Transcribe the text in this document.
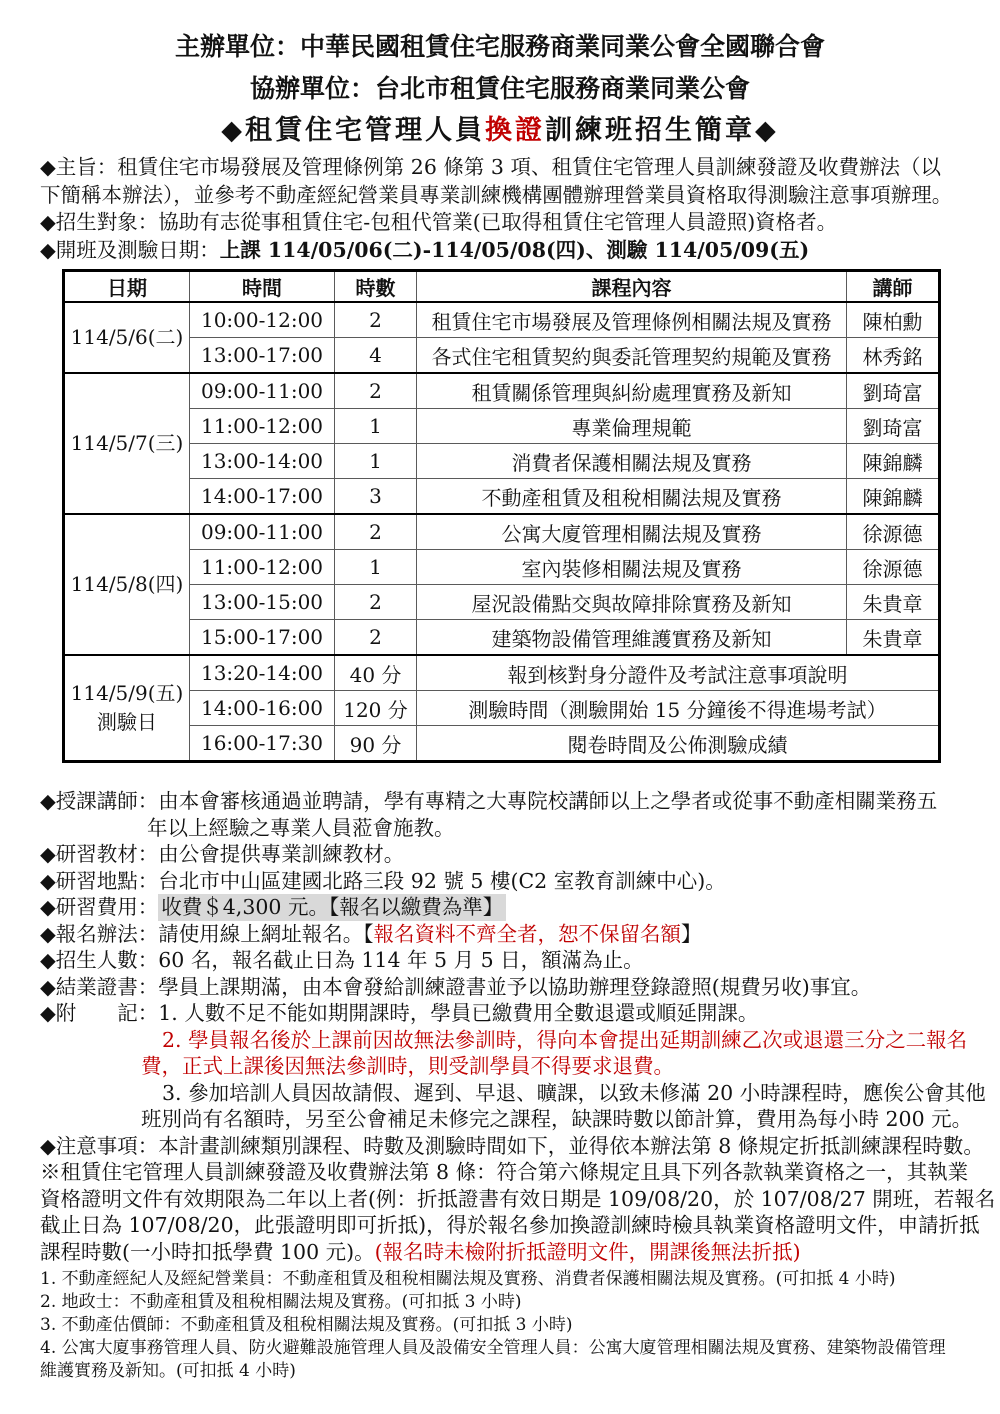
主辦單位：中華民國租賃住宅服務商業同業公會全國聯合會
協辦單位：台北市租賃住宅服務商業同業公會
◆租賃住宅管理人員換證訓練班招生簡章◆
◆主旨：租賃住宅市場發展及管理條例第 26 條第 3 項、租賃住宅管理人員訓練發證及收費辦法（以
下簡稱本辦法），並參考不動產經紀營業員專業訓練機構團體辦理營業員資格取得測驗注意事項辦理。
◆招生對象：協助有志從事租賃住宅-包租代管業(已取得租賃住宅管理人員證照)資格者。
◆開班及測驗日期：上課 114/05/06(二)-114/05/08(四)、測驗 114/05/09(五)
日期	時間	時數	課程內容	講師
114/5/6(二)	10:00-12:00	2	租賃住宅市場發展及管理條例相關法規及實務	陳柏勳
	13:00-17:00	4	各式住宅租賃契約與委託管理契約規範及實務	林秀銘
114/5/7(三)	09:00-11:00	2	租賃關係管理與糾紛處理實務及新知	劉琦富
	11:00-12:00	1	專業倫理規範	劉琦富
	13:00-14:00	1	消費者保護相關法規及實務	陳錦麟
	14:00-17:00	3	不動產租賃及租稅相關法規及實務	陳錦麟
114/5/8(四)	09:00-11:00	2	公寓大廈管理相關法規及實務	徐源德
	11:00-12:00	1	室內裝修相關法規及實務	徐源德
	13:00-15:00	2	屋況設備點交與故障排除實務及新知	朱貴章
	15:00-17:00	2	建築物設備管理維護實務及新知	朱貴章
114/5/9(五)
測驗日	13:20-14:00	40 分	報到核對身分證件及考試注意事項說明	
	14:00-16:00	120 分	測驗時間（測驗開始 15 分鐘後不得進場考試）	
	16:00-17:30	90 分	閱卷時間及公佈測驗成績	
◆授課講師：由本會審核通過並聘請，學有專精之大專院校講師以上之學者或從事不動產相關業務五
年以上經驗之專業人員蒞會施教。
◆研習教材：由公會提供專業訓練教材。
◆研習地點：台北市中山區建國北路三段 92 號 5 樓(C2 室教育訓練中心)。
◆研習費用： 收費＄4,300 元。【報名以繳費為準】
◆報名辦法：請使用線上網址報名。【報名資料不齊全者，恕不保留名額】
◆招生人數：60 名，報名截止日為 114 年 5 月 5 日，額滿為止。
◆結業證書：學員上課期滿，由本會發給訓練證書並予以協助辦理登錄證照(規費另收)事宜。
◆附　　記：1. 人數不足不能如期開課時，學員已繳費用全數退還或順延開課。
2. 學員報名後於上課前因故無法參訓時，得向本會提出延期訓練乙次或退還三分之二報名
費，正式上課後因無法參訓時，則受訓學員不得要求退費。
3. 參加培訓人員因故請假、遲到、早退、曠課，以致未修滿 20 小時課程時，應俟公會其他
班別尚有名額時，另至公會補足未修完之課程，缺課時數以節計算，費用為每小時 200 元。
◆注意事項：本計畫訓練類別課程、時數及測驗時間如下，並得依本辦法第 8 條規定折抵訓練課程時數。
※租賃住宅管理人員訓練發證及收費辦法第 8 條：符合第六條規定且具下列各款執業資格之一，其執業
資格證明文件有效期限為二年以上者(例：折抵證書有效日期是 109/08/20，於 107/08/27 開班，若報名
截止日為 107/08/20，此張證明即可折抵)，得於報名參加換證訓練時檢具執業資格證明文件，申請折抵
課程時數(一小時扣抵學費 100 元)。(報名時未檢附折抵證明文件，開課後無法折抵)
1. 不動產經紀人及經紀營業員：不動產租賃及租稅相關法規及實務、消費者保護相關法規及實務。(可扣抵 4 小時)
2. 地政士：不動產租賃及租稅相關法規及實務。(可扣抵 3 小時)
3. 不動產估價師：不動產租賃及租稅相關法規及實務。(可扣抵 3 小時)
4. 公寓大廈事務管理人員、防火避難設施管理人員及設備安全管理人員：公寓大廈管理相關法規及實務、建築物設備管理
維護實務及新知。(可扣抵 4 小時)
